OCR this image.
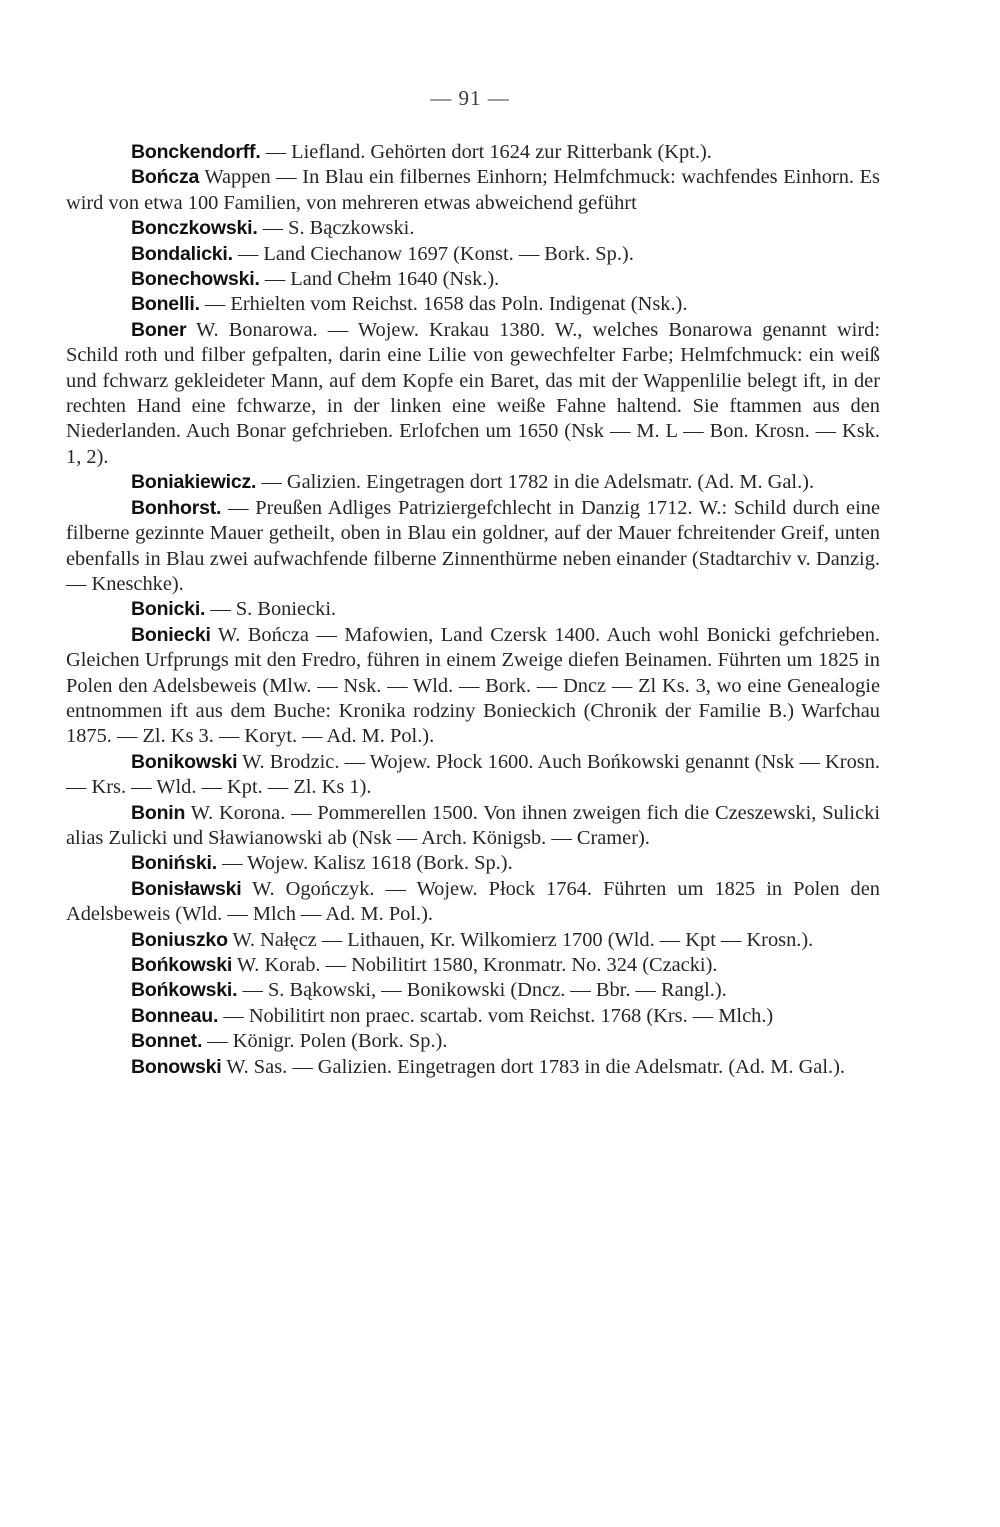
— 91 —

Bonckendorff. — Liefland. Gehörten dort 1624 zur Ritterbank (Kpt.).

Bończa Wappen — In Blau ein filbernes Einhorn; Helmfchmuck: wachfendes Einhorn. Es wird von etwa 100 Familien, von mehreren etwas abweichend geführt

Bonczkowski. — S. Bączkowski.

Bondalicki. — Land Ciechanow 1697 (Konst. — Bork. Sp.).

Bonechowski. — Land Chełm 1640 (Nsk.).

Bonelli. — Erhielten vom Reichst. 1658 das Poln. Indigenat (Nsk.).

Boner W. Bonarowa. — Wojew. Krakau 1380. W., welches Bonarowa genannt wird: Schild roth und filber gefpalten, darin eine Lilie von gewechfelter Farbe; Helmfchmuck: ein weiß und fchwarz gekleideter Mann, auf dem Kopfe ein Baret, das mit der Wappenlilie belegt ift, in der rechten Hand eine fchwarze, in der linken eine weiße Fahne haltend. Sie ftammen aus den Niederlanden. Auch Bonar gefchrieben. Erlofchen um 1650 (Nsk — M. L — Bon. Krosn. — Ksk. 1, 2).

Boniakiewicz. — Galizien. Eingetragen dort 1782 in die Adelsmatr. (Ad. M. Gal.).

Bonhorst. — Preußen Adliges Patriziergefchlecht in Danzig 1712. W.: Schild durch eine filberne gezinnte Mauer getheilt, oben in Blau ein goldner, auf der Mauer fchreitender Greif, unten ebenfalls in Blau zwei aufwachfende filberne Zinnenthürme neben einander (Stadtarchiv v. Danzig. — Kneschke).

Bonicki. — S. Boniecki.

Boniecki W. Bończa — Mafowien, Land Czersk 1400. Auch wohl Bonicki gefchrieben. Gleichen Urfprungs mit den Fredro, führen in einem Zweige diefen Beinamen. Führten um 1825 in Polen den Adelsbeweis (Mlw. — Nsk. — Wld. — Bork. — Dncz — Zl Ks. 3, wo eine Genealogie entnommen ift aus dem Buche: Kronika rodziny Bonieckich (Chronik der Familie B.) Warfchau 1875. — Zl. Ks 3. — Koryt. — Ad. M. Pol.).

Bonikowski W. Brodzic. — Wojew. Płock 1600. Auch Bońkowski genannt (Nsk — Krosn. — Krs. — Wld. — Kpt. — Zl. Ks 1).

Bonin W. Korona. — Pommerellen 1500. Von ihnen zweigen fich die Czeszewski, Sulicki alias Zulicki und Sławianowski ab (Nsk — Arch. Königsb. — Cramer).

Boniński. — Wojew. Kalisz 1618 (Bork. Sp.).

Bonisławski W. Ogończyk. — Wojew. Płock 1764. Führten um 1825 in Polen den Adelsbeweis (Wld. — Mlch — Ad. M. Pol.).

Boniuszko W. Nałęcz — Lithauen, Kr. Wilkomierz 1700 (Wld. — Kpt — Krosn.).

Bońkowski W. Korab. — Nobilitirt 1580, Kronmatr. No. 324 (Czacki).

Bońkowski. — S. Bąkowski, — Bonikowski (Dncz. — Bbr. — Rangl.).

Bonneau. — Nobilitirt non praec. scartab. vom Reichst. 1768 (Krs. — Mlch.)

Bonnet. — Königr. Polen (Bork. Sp.).

Bonowski W. Sas. — Galizien. Eingetragen dort 1783 in die Adelsmatr. (Ad. M. Gal.).
